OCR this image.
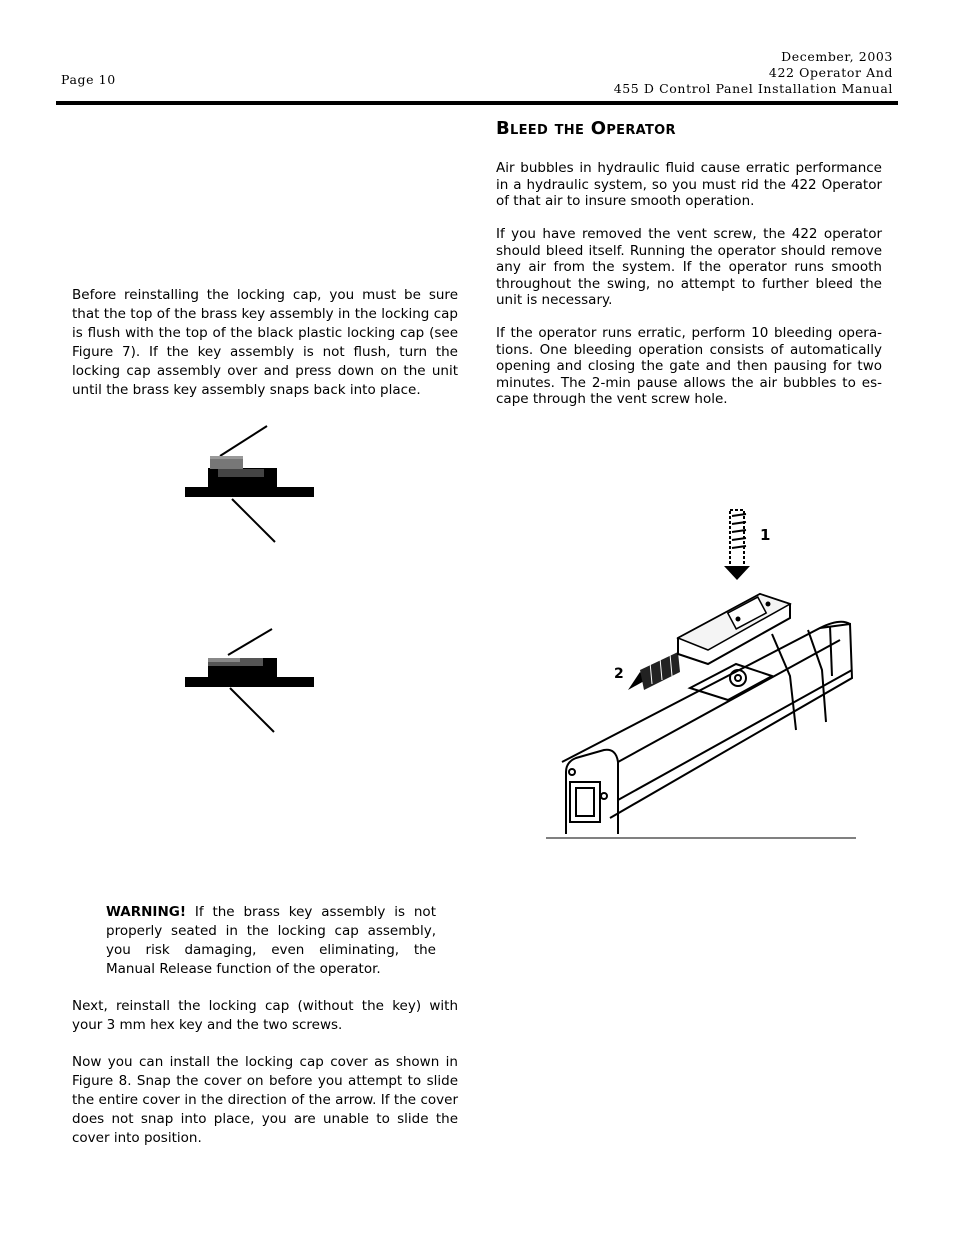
Page 10
December, 2003
422 Operator And
455 D Control Panel Installation Manual
Bleed the Operator

Air bubbles in hydraulic fluid cause erratic performance in a hydraulic system, so you must rid the 422 Operator of that air to insure smooth operation.

If you have removed the vent screw, the 422 operator should bleed itself. Running the operator should remove any air from the system. If the operator runs smooth throughout the swing, no attempt to further bleed the unit is necessary.

If the operator runs erratic, perform 10 bleeding opera-tions. One bleeding operation consists of automatically opening and closing the gate and then pausing for two minutes. The 2-min pause allows the air bubbles to es-cape through the vent screw hole.

Before reinstalling the locking cap, you must be sure that the top of the brass key assembly in the locking cap is flush with the top of the black plastic locking cap (see Figure 7). If the key assembly is not flush, turn the locking cap assembly over and press down on the unit until the brass key assembly snaps back into place.

1
2

WARNING! If the brass key assembly is not properly seated in the locking cap assembly, you risk damaging, even eliminating, the Manual Release function of the operator.

Next, reinstall the locking cap (without the key) with your 3 mm hex key and the two screws.

Now you can install the locking cap cover as shown in Figure 8. Snap the cover on before you attempt to slide the entire cover in the direction of the arrow. If the cover does not snap into place, you are unable to slide the cover into position.
